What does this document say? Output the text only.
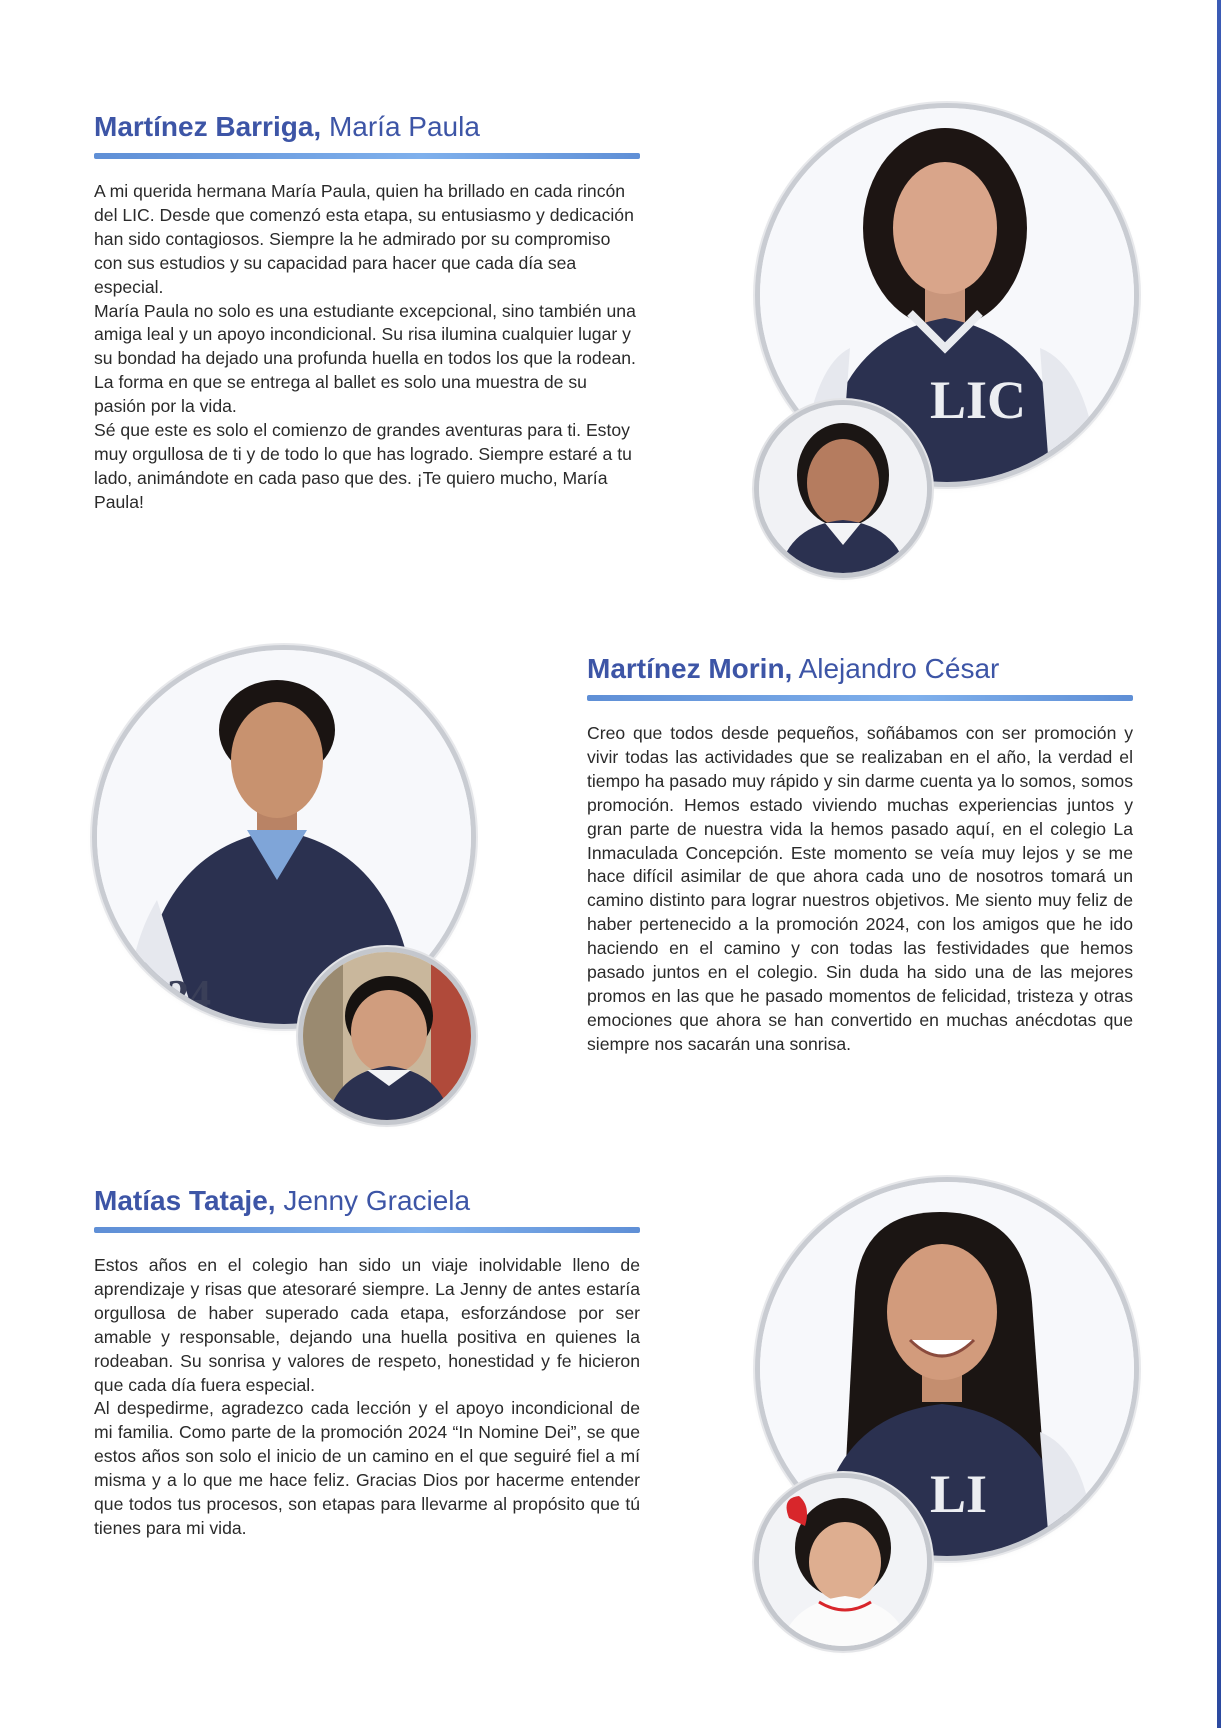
Martínez Barriga, María Paula

A mi querida hermana María Paula, quien ha brillado en cada rincón del LIC. Desde que comenzó esta etapa, su entusiasmo y dedicación han sido contagiosos. Siempre la he admirado por su compromiso con sus estudios y su capacidad para hacer que cada día sea especial.

María Paula no solo es una estudiante excepcional, sino también una amiga leal y un apoyo incondicional. Su risa ilumina cualquier lugar y su bondad ha dejado una profunda huella en todos los que la rodean. La forma en que se entrega al ballet es solo una muestra de su pasión por la vida.

Sé que este es solo el comienzo de grandes aventuras para ti. Estoy muy orgullosa de ti y de todo lo que has logrado. Siempre estaré a tu lado, animándote en cada paso que des. ¡Te quiero mucho, María Paula!

LIC
24
Martínez Morin, Alejandro César

Creo que todos desde pequeños, soñábamos con ser promoción y vivir todas las actividades que se realizaban en el año, la verdad el tiempo ha pasado muy rápido y sin darme cuenta ya lo somos, somos promoción. Hemos estado viviendo muchas experiencias juntos y gran parte de nuestra vida la hemos pasado aquí, en el colegio La Inmaculada Concepción. Este momento se veía muy lejos y se me hace difícil asimilar de que ahora cada uno de nosotros tomará un camino distinto para lograr nuestros objetivos. Me siento muy feliz de haber pertenecido a la promoción 2024, con los amigos que he ido haciendo en el camino y con todas las festividades que hemos pasado juntos en el colegio. Sin duda ha sido una de las mejores promos en las que he pasado momentos de felicidad, tristeza y otras emociones que ahora se han convertido en muchas anécdotas que siempre nos sacarán una sonrisa.

Matías Tataje, Jenny Graciela

Estos años en el colegio han sido un viaje inolvidable lleno de aprendizaje y risas que atesoraré siempre. La Jenny de antes estaría orgullosa de haber superado cada etapa, esforzándose por ser amable y responsable, dejando una huella positiva en quienes la rodeaban. Su sonrisa y valores de respeto, honestidad y fe hicieron que cada día fuera especial.

Al despedirme, agradezco cada lección y el apoyo incondicional de mi familia. Como parte de la promoción 2024 “In Nomine Dei”, se que estos años son solo el inicio de un camino en el que seguiré fiel a mí misma y a lo que me hace feliz. Gracias Dios por hacerme entender que todos tus procesos, son etapas para llevarme al propósito que tú tienes para mi vida.

LI
